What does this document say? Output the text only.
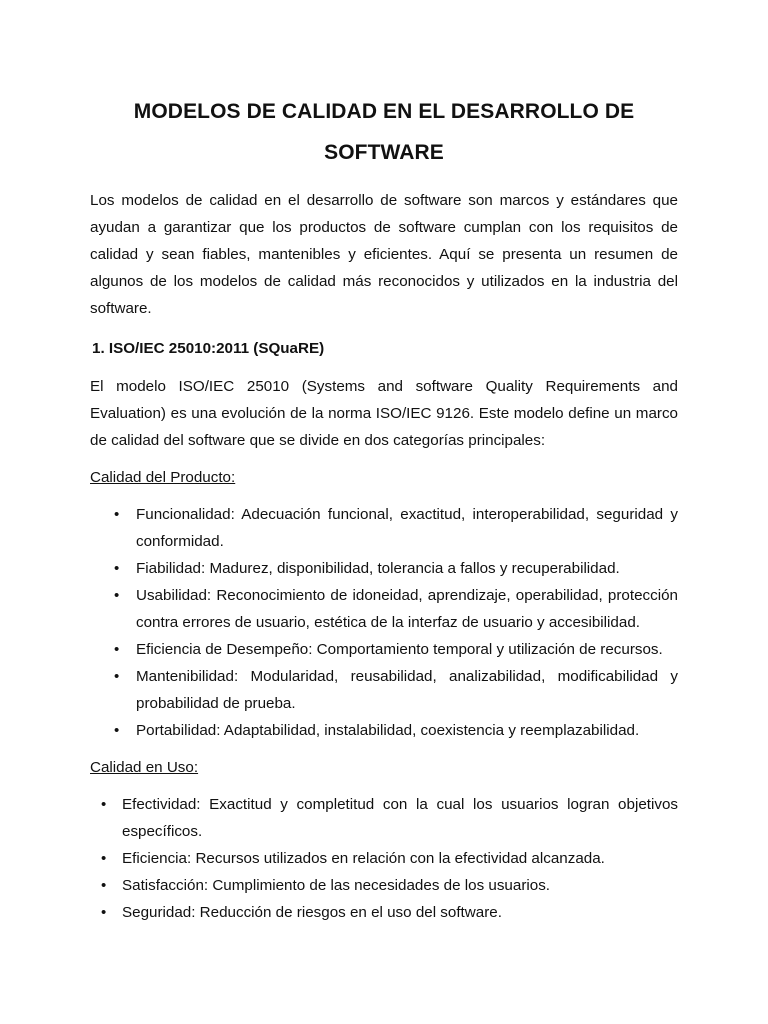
MODELOS DE CALIDAD EN EL DESARROLLO DE SOFTWARE

Los modelos de calidad en el desarrollo de software son marcos y estándares que ayudan a garantizar que los productos de software cumplan con los requisitos de calidad y sean fiables, mantenibles y eficientes. Aquí se presenta un resumen de algunos de los modelos de calidad más reconocidos y utilizados en la industria del software.

1. ISO/IEC 25010:2011 (SQuaRE)

El modelo ISO/IEC 25010 (Systems and software Quality Requirements and Evaluation) es una evolución de la norma ISO/IEC 9126. Este modelo define un marco de calidad del software que se divide en dos categorías principales:

Calidad del Producto:

• Funcionalidad: Adecuación funcional, exactitud, interoperabilidad, seguridad y conformidad.
• Fiabilidad: Madurez, disponibilidad, tolerancia a fallos y recuperabilidad.
• Usabilidad: Reconocimiento de idoneidad, aprendizaje, operabilidad, protección contra errores de usuario, estética de la interfaz de usuario y accesibilidad.
• Eficiencia de Desempeño: Comportamiento temporal y utilización de recursos.
• Mantenibilidad: Modularidad, reusabilidad, analizabilidad, modificabilidad y probabilidad de prueba.
• Portabilidad: Adaptabilidad, instalabilidad, coexistencia y reemplazabilidad.

Calidad en Uso:

• Efectividad: Exactitud y completitud con la cual los usuarios logran objetivos específicos.
• Eficiencia: Recursos utilizados en relación con la efectividad alcanzada.
• Satisfacción: Cumplimiento de las necesidades de los usuarios.
• Seguridad: Reducción de riesgos en el uso del software.
